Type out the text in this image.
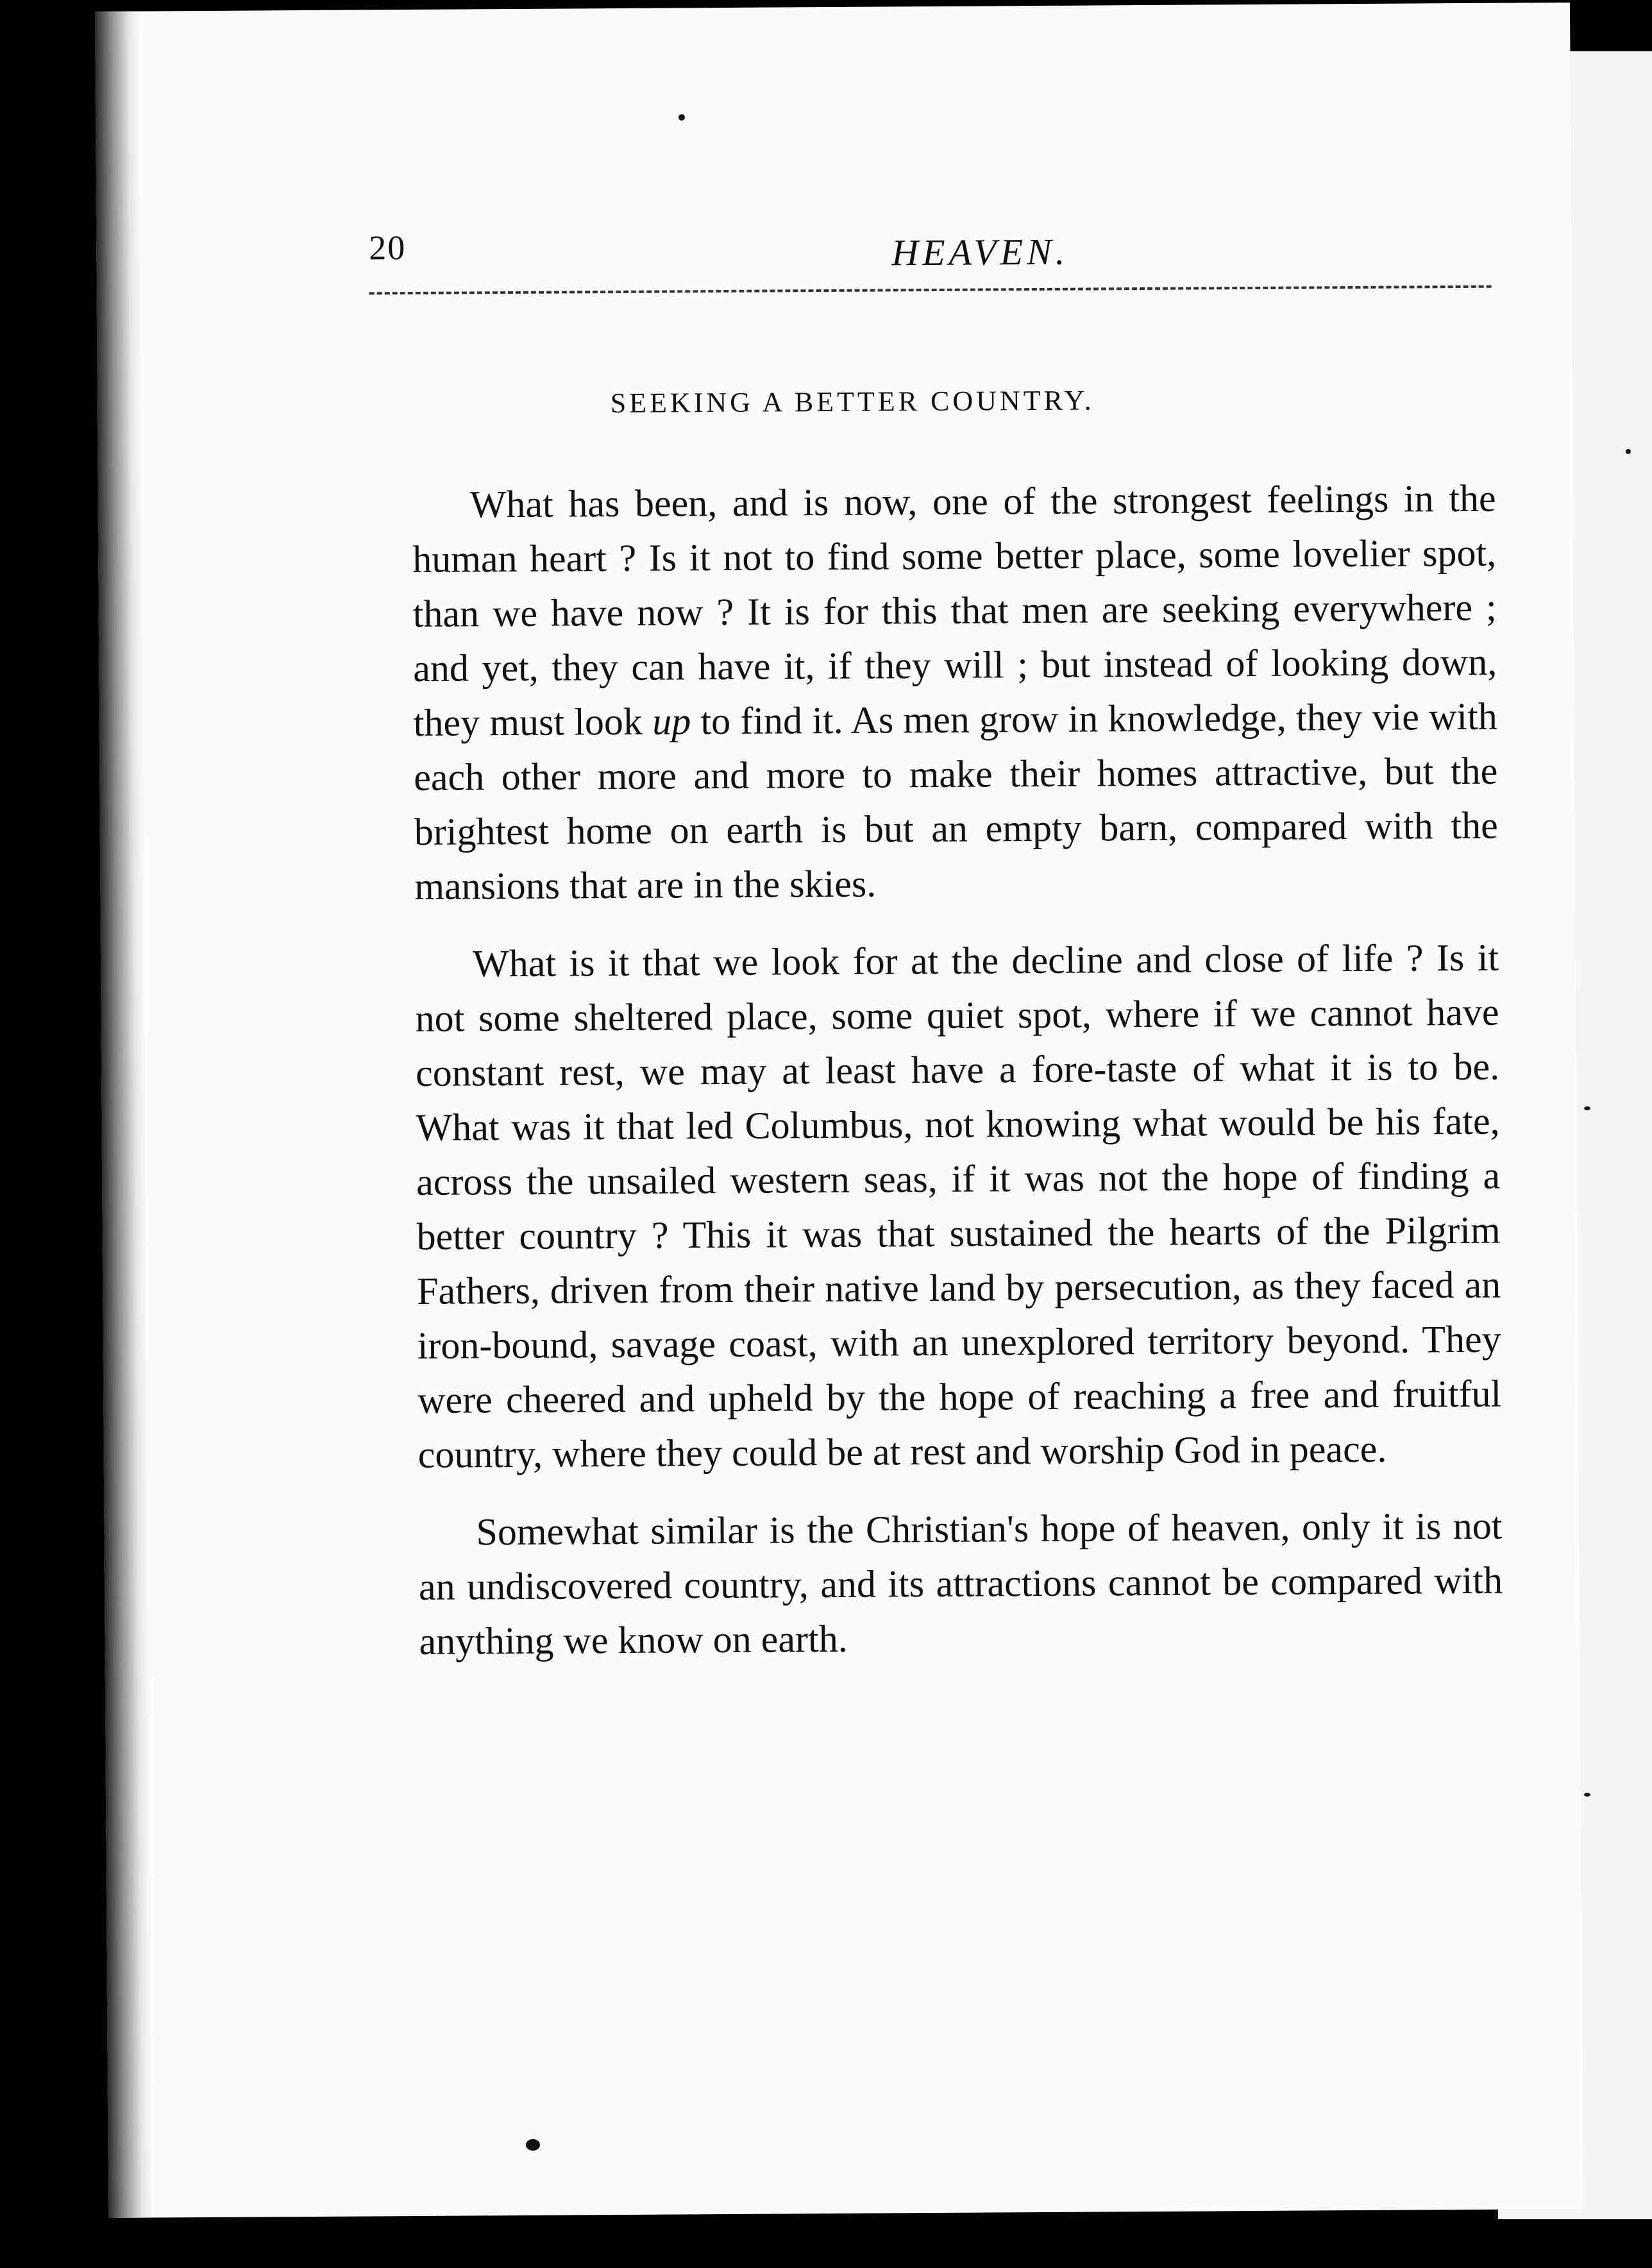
20	HEAVEN.
SEEKING A BETTER COUNTRY.

What has been, and is now, one of the strongest feelings in the human heart ? Is it not to find some better place, some lovelier spot, than we have now ? It is for this that men are seeking everywhere ; and yet, they can have it, if they will ; but instead of looking down, they must look up to find it. As men grow in knowledge, they vie with each other more and more to make their homes attractive, but the brightest home on earth is but an empty barn, compared with the mansions that are in the skies.

What is it that we look for at the decline and close of life ? Is it not some sheltered place, some quiet spot, where if we cannot have constant rest, we may at least have a fore-taste of what it is to be. What was it that led Columbus, not knowing what would be his fate, across the unsailed western seas, if it was not the hope of finding a better country ? This it was that sustained the hearts of the Pilgrim Fathers, driven from their native land by persecution, as they faced an iron-bound, savage coast, with an unexplored territory beyond. They were cheered and upheld by the hope of reaching a free and fruitful country, where they could be at rest and worship God in peace.

Somewhat similar is the Christian's hope of heaven, only it is not an undiscovered country, and its attractions cannot be compared with anything we know on earth.
